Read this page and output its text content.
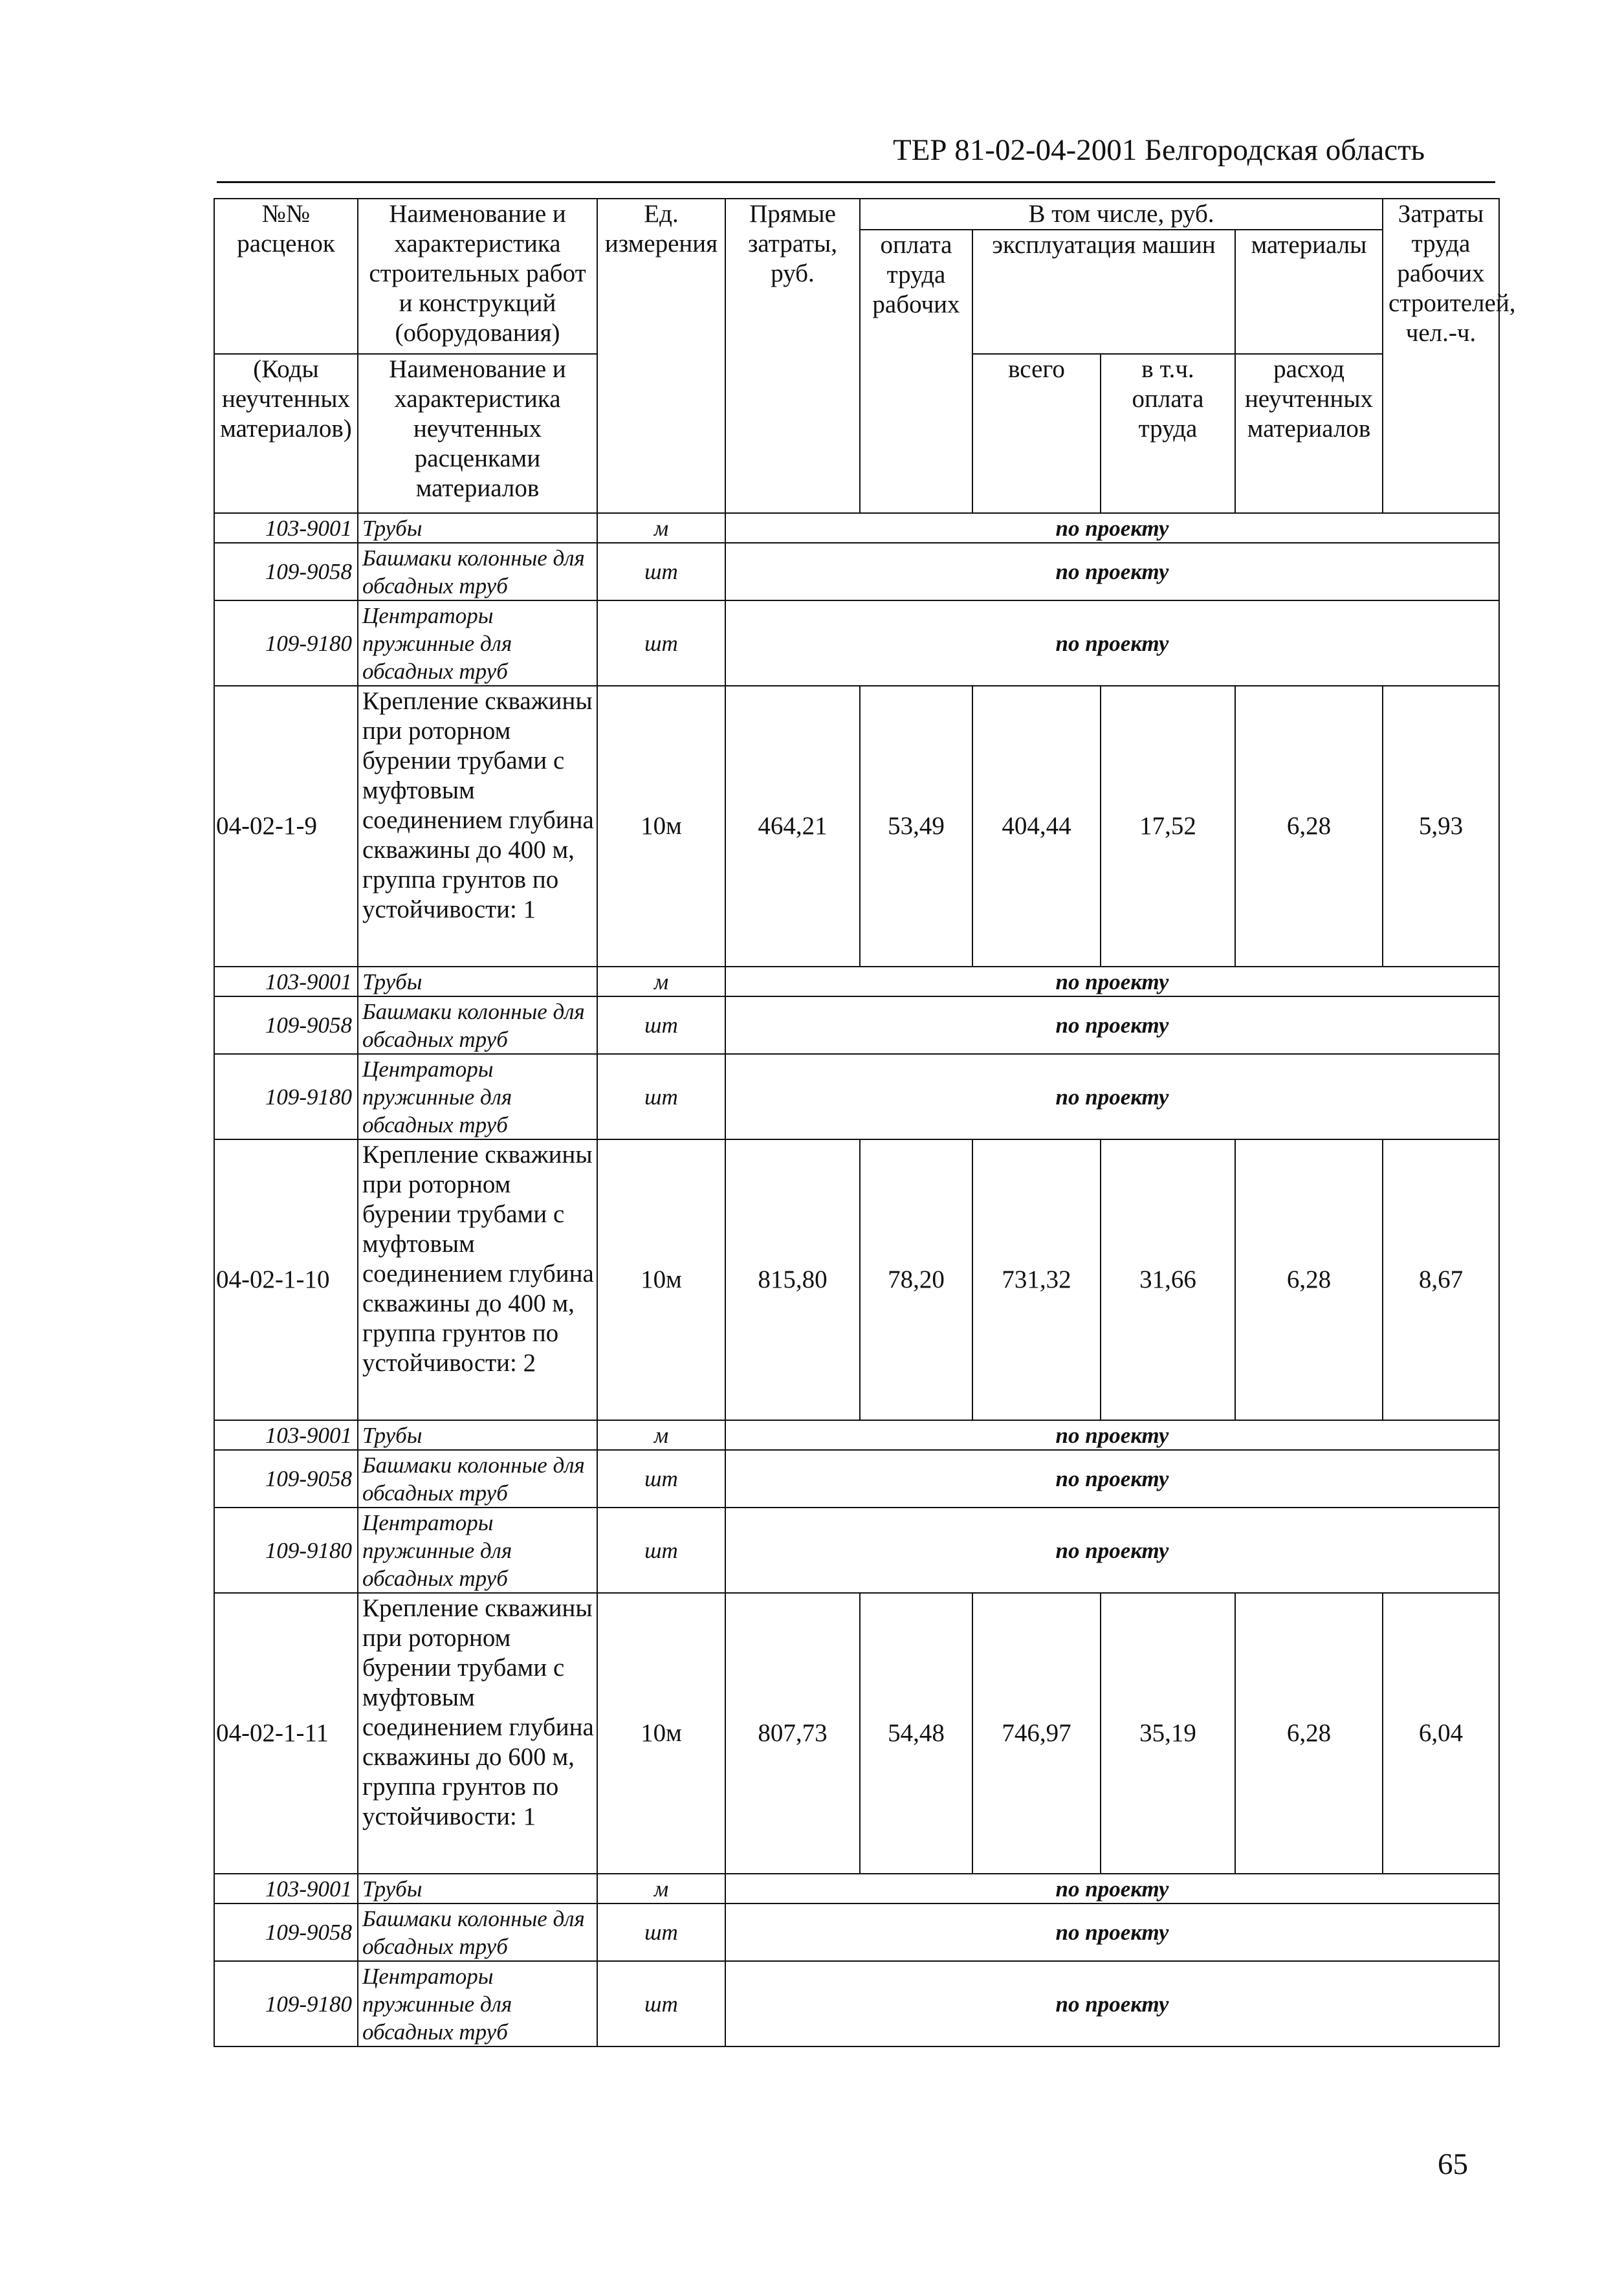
ТЕР 81-02-04-2001 Белгородская область
№№ расценок	Наименование и характеристика строительных работ и конструкций (оборудования)	Ед. измерения	Прямые затраты, руб.	В том числе, руб.				Затраты труда рабочих строителей, чел.-ч.
				оплата труда рабочих	эксплуатация машин		материалы	
(Коды неучтенных материалов)	Наименование и характеристика неучтенных расценками материалов				всего	в т.ч. оплата труда	расход неучтенных материалов	
103-9001	Трубы	м	по проекту					
109-9058	Башмаки колонные для обсадных труб	шт	по проекту					
109-9180	Центраторы пружинные для обсадных труб	шт	по проекту					
04-02-1-9	Крепление скважины при роторном бурении трубами с муфтовым соединением глубина скважины до 400 м, группа грунтов по устойчивости: 1	10м	464,21	53,49	404,44	17,52	6,28	5,93
103-9001	Трубы	м	по проекту					
109-9058	Башмаки колонные для обсадных труб	шт	по проекту					
109-9180	Центраторы пружинные для обсадных труб	шт	по проекту					
04-02-1-10	Крепление скважины при роторном бурении трубами с муфтовым соединением глубина скважины до 400 м, группа грунтов по устойчивости: 2	10м	815,80	78,20	731,32	31,66	6,28	8,67
103-9001	Трубы	м	по проекту					
109-9058	Башмаки колонные для обсадных труб	шт	по проекту					
109-9180	Центраторы пружинные для обсадных труб	шт	по проекту					
04-02-1-11	Крепление скважины при роторном бурении трубами с муфтовым соединением глубина скважины до 600 м, группа грунтов по устойчивости: 1	10м	807,73	54,48	746,97	35,19	6,28	6,04
103-9001	Трубы	м	по проекту					
109-9058	Башмаки колонные для обсадных труб	шт	по проекту					
109-9180	Центраторы пружинные для обсадных труб	шт	по проекту					
65
